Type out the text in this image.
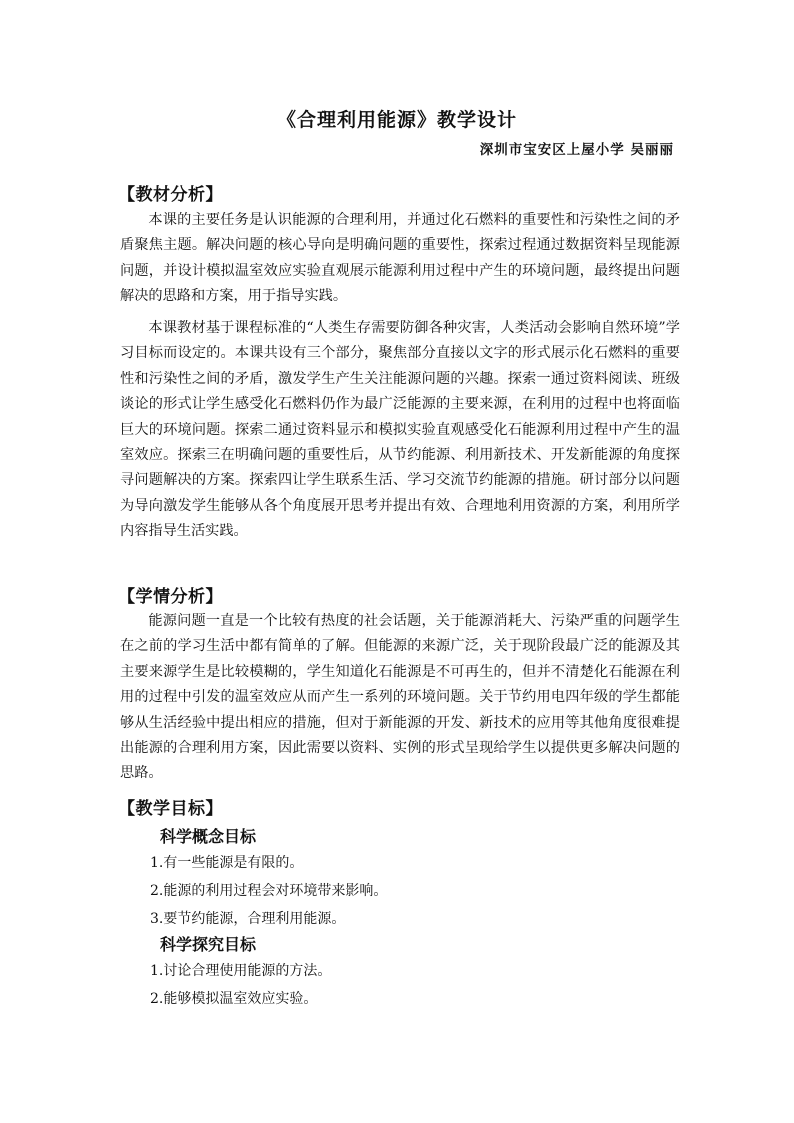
《合理利用能源》教学设计
深圳市宝安区上屋小学 吴丽丽
【教材分析】

本课的主要任务是认识能源的合理利用，并通过化石燃料的重要性和污染性之间的矛盾聚焦主题。解决问题的核心导向是明确问题的重要性，探索过程通过数据资料呈现能源问题，并设计模拟温室效应实验直观展示能源利用过程中产生的环境问题，最终提出问题解决的思路和方案，用于指导实践。

本课教材基于课程标准的“人类生存需要防御各种灾害，人类活动会影响自然环境”学习目标而设定的。本课共设有三个部分，聚焦部分直接以文字的形式展示化石燃料的重要性和污染性之间的矛盾，激发学生产生关注能源问题的兴趣。探索一通过资料阅读、班级谈论的形式让学生感受化石燃料仍作为最广泛能源的主要来源，在利用的过程中也将面临巨大的环境问题。探索二通过资料显示和模拟实验直观感受化石能源利用过程中产生的温室效应。探索三在明确问题的重要性后，从节约能源、利用新技术、开发新能源的角度探寻问题解决的方案。探索四让学生联系生活、学习交流节约能源的措施。研讨部分以问题为导向激发学生能够从各个角度展开思考并提出有效、合理地利用资源的方案，利用所学内容指导生活实践。

【学情分析】

能源问题一直是一个比较有热度的社会话题，关于能源消耗大、污染严重的问题学生在之前的学习生活中都有简单的了解。但能源的来源广泛，关于现阶段最广泛的能源及其主要来源学生是比较模糊的，学生知道化石能源是不可再生的，但并不清楚化石能源在利用的过程中引发的温室效应从而产生一系列的环境问题。关于节约用电四年级的学生都能够从生活经验中提出相应的措施，但对于新能源的开发、新技术的应用等其他角度很难提出能源的合理利用方案，因此需要以资料、实例的形式呈现给学生以提供更多解决问题的思路。

【教学目标】
科学概念目标
1.有一些能源是有限的。
2.能源的利用过程会对环境带来影响。
3.要节约能源，合理利用能源。
科学探究目标
1.讨论合理使用能源的方法。
2.能够模拟温室效应实验。
